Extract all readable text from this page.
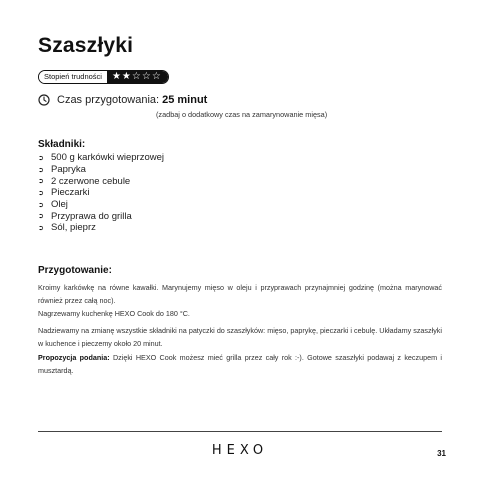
Szaszłyki
Stopień trudności	★★☆☆☆
Czas przygotowania: 25 minut
(zadbaj o dodatkowy czas na zamarynowanie mięsa)
Składniki:
➲ 500 g karkówki wieprzowej
➲ Papryka
➲ 2 czerwone cebule
➲ Pieczarki
➲ Olej
➲ Przyprawa do grilla
➲ Sól, pieprz
Przygotowanie:

Kroimy karkówkę na równe kawałki. Marynujemy mięso w oleju i przyprawach przynajmniej godzinę (można marynować również przez całą noc).

Nagrzewamy kuchenkę HEXO Cook do 180 °C.

Nadziewamy na zmianę wszystkie składniki na patyczki do szaszłyków: mięso, paprykę, pieczarki i cebulę. Układamy szaszłyki w kuchence i pieczemy około 20 minut.

Propozycja podania: Dzięki HEXO Cook możesz mieć grilla przez cały rok :-). Gotowe szaszłyki podawaj z keczupem i musztardą.

HEXO	31
